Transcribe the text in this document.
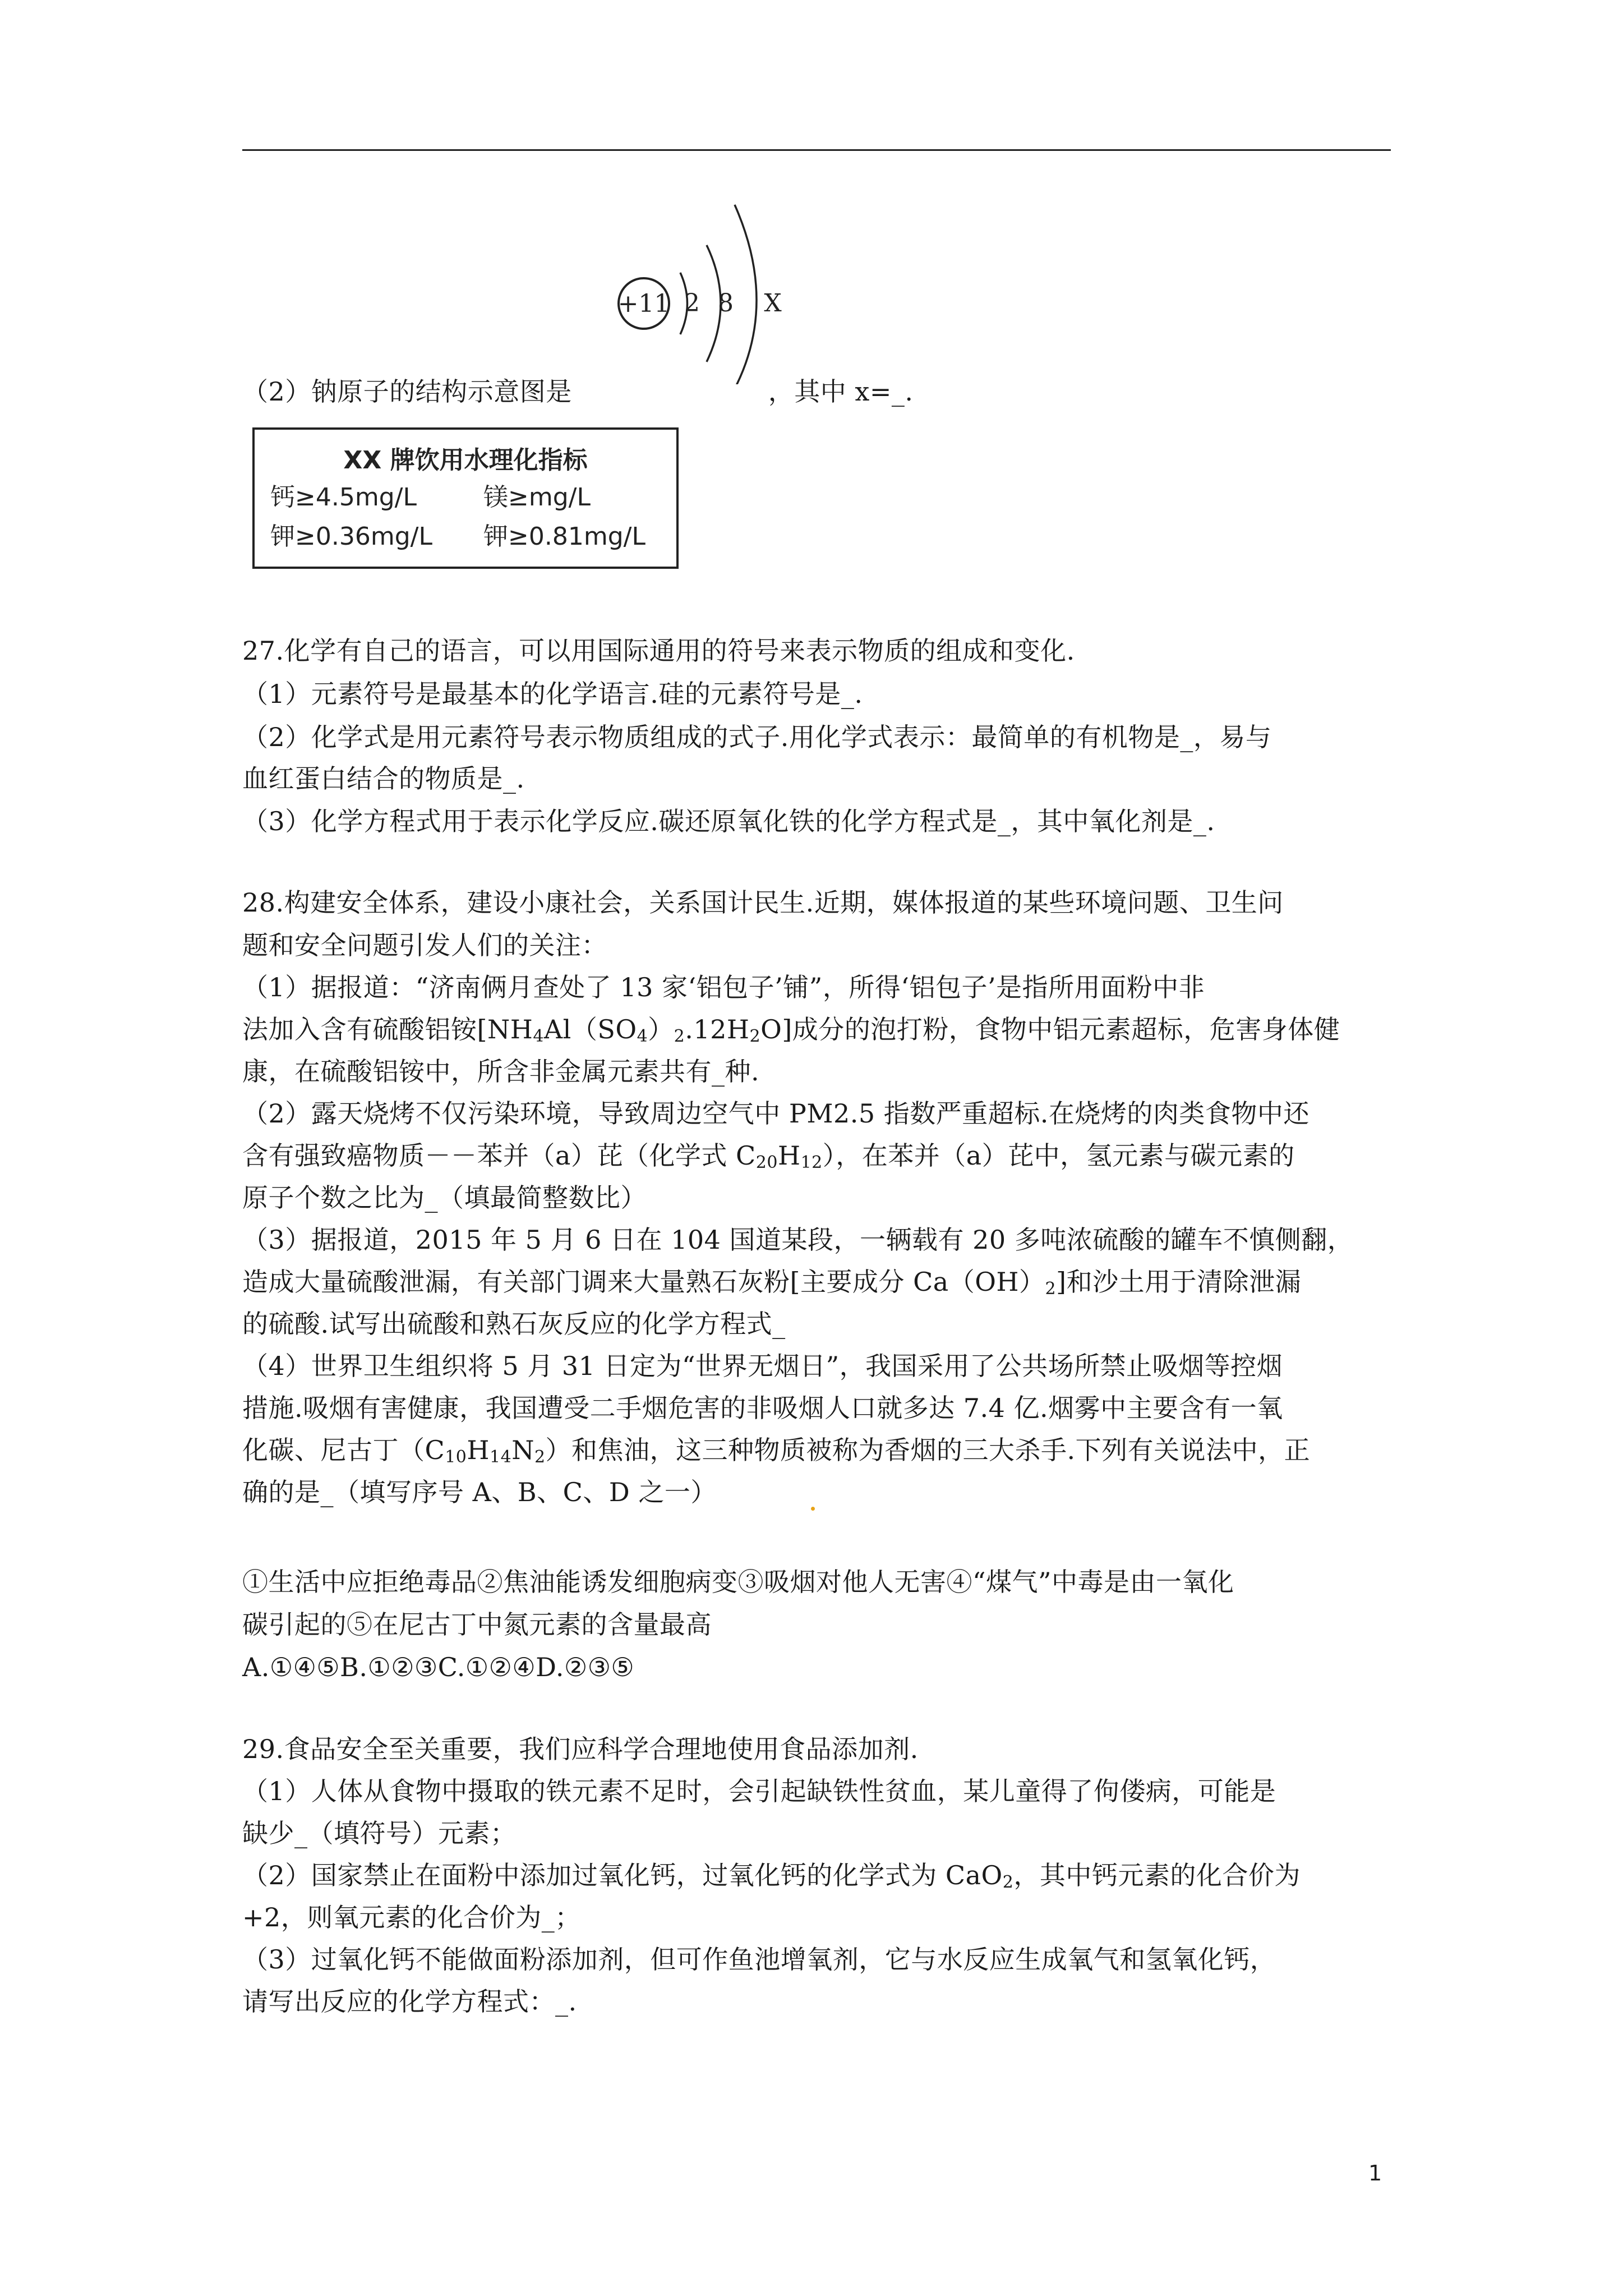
+11 2 8 X
（2）钠原子的结构示意图是	，其中 x=_.
XX 牌饮用水理化指标
钙≥4.5mg/L	镁≥mg/L
钾≥0.36mg/L 钾≥0.81mg/L
27.化学有自己的语言，可以用国际通用的符号来表示物质的组成和变化.
（1）元素符号是最基本的化学语言.硅的元素符号是_.
（2）化学式是用元素符号表示物质组成的式子.用化学式表示：最简单的有机物是_，易与
血红蛋白结合的物质是_.
（3）化学方程式用于表示化学反应.碳还原氧化铁的化学方程式是_，其中氧化剂是_.
28.构建安全体系，建设小康社会，关系国计民生.近期，媒体报道的某些环境问题、卫生问
题和安全问题引发人们的关注：
（1）据报道：“济南俩月查处了 13 家‘铝包子’铺”，所得‘铝包子’是指所用面粉中非
法加入含有硫酸铝铵$[NH_4Al(SO_4)_2.12H_2O]$成分的泡打粉，食物中铝元素超标，危害身体健
康，在硫酸铝铵中，所含非金属元素共有_种.
（2）露天烧烤不仅污染环境，导致周边空气中 PM2.5 指数严重超标.在烧烤的肉类食物中还
含有强致癌物质－－苯并（a）芘（化学式 $C_{20}H_{12}$），在苯并（a）芘中，氢元素与碳元素的
原子个数之比为_（填最简整数比）
（3）据报道，2015 年 5 月 6 日在 104 国道某段，一辆载有 20 多吨浓硫酸的罐车不慎侧翻，
造成大量硫酸泄漏，有关部门调来大量熟石灰粉[主要成分 $Ca(OH)_2$]和沙土用于清除泄漏
的硫酸.试写出硫酸和熟石灰反应的化学方程式_
（4）世界卫生组织将 5 月 31 日定为“世界无烟日”，我国采用了公共场所禁止吸烟等控烟
措施.吸烟有害健康，我国遭受二手烟危害的非吸烟人口就多达 7.4 亿.烟雾中主要含有一氧
化碳、尼古丁$(C_{10}H_{14}N_2)$和焦油，这三种物质被称为香烟的三大杀手.下列有关说法中，正
确的是_（填写序号 A、B、C、D 之一）
①生活中应拒绝毒品②焦油能诱发细胞病变③吸烟对他人无害④“煤气”中毒是由一氧化
碳引起的⑤在尼古丁中氮元素的含量最高
A.①④⑤B.①②③C.①②④D.②③⑤
29.食品安全至关重要，我们应科学合理地使用食品添加剂.
（1）人体从食物中摄取的铁元素不足时，会引起缺铁性贫血，某儿童得了佝偻病，可能是
缺少_（填符号）元素；
（2）国家禁止在面粉中添加过氧化钙，过氧化钙的化学式为 CaO$_2$，其中钙元素的化合价为
+2，则氧元素的化合价为_；
（3）过氧化钙不能做面粉添加剂，但可作鱼池增氧剂，它与水反应生成氧气和氢氧化钙，
请写出反应的化学方程式：_.
1
